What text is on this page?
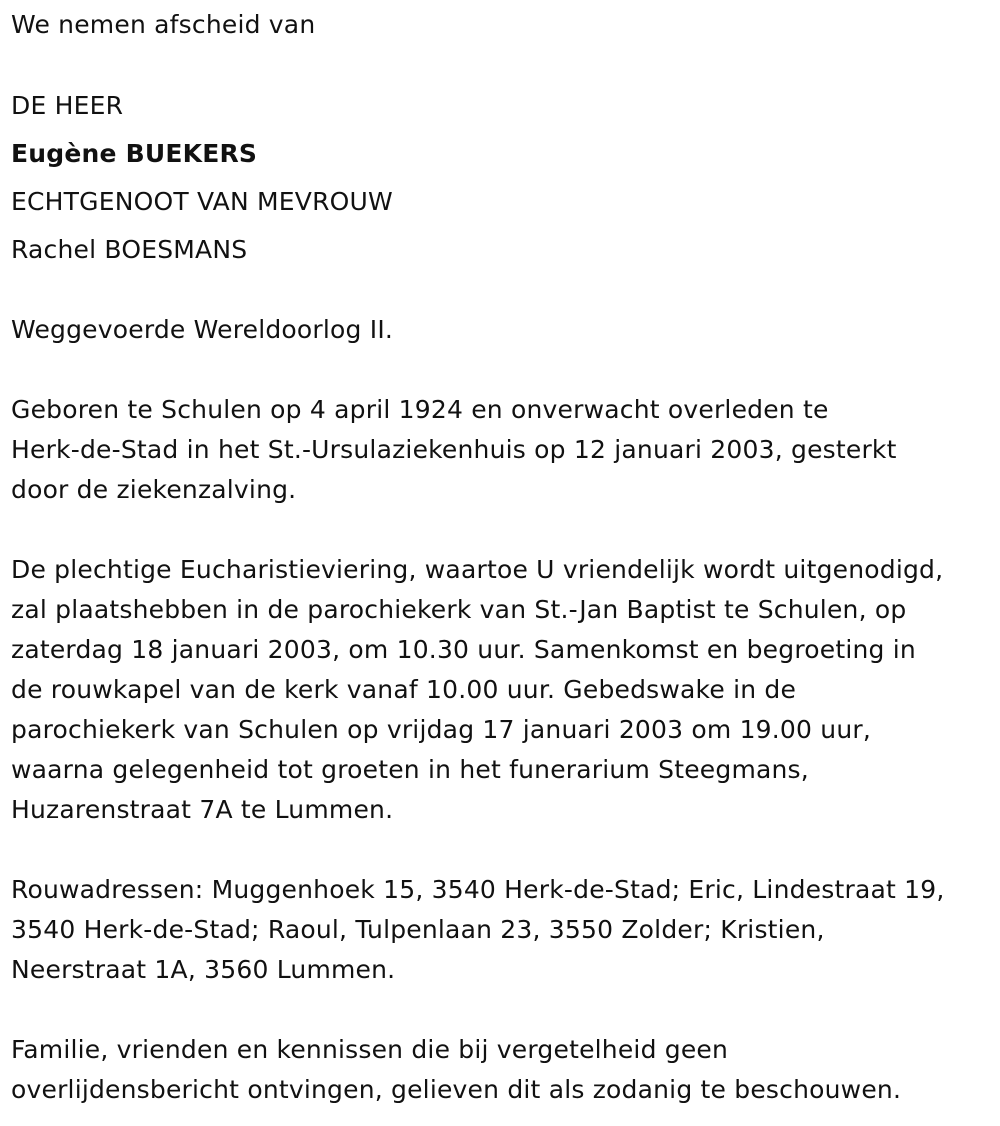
We nemen afscheid van
DE HEER
Eugène BUEKERS
ECHTGENOOT VAN MEVROUW
Rachel BOESMANS
Weggevoerde Wereldoorlog II.
Geboren te Schulen op 4 april 1924 en onverwacht overleden te
Herk-de-Stad in het St.-Ursulaziekenhuis op 12 januari 2003, gesterkt
door de ziekenzalving.
De plechtige Eucharistieviering, waartoe U vriendelijk wordt uitgenodigd,
zal plaatshebben in de parochiekerk van St.-Jan Baptist te Schulen, op
zaterdag 18 januari 2003, om 10.30 uur. Samenkomst en begroeting in
de rouwkapel van de kerk vanaf 10.00 uur. Gebedswake in de
parochiekerk van Schulen op vrijdag 17 januari 2003 om 19.00 uur,
waarna gelegenheid tot groeten in het funerarium Steegmans,
Huzarenstraat 7A te Lummen.
Rouwadressen: Muggenhoek 15, 3540 Herk-de-Stad; Eric, Lindestraat 19,
3540 Herk-de-Stad; Raoul, Tulpenlaan 23, 3550 Zolder; Kristien,
Neerstraat 1A, 3560 Lummen.
Familie, vrienden en kennissen die bij vergetelheid geen
overlijdensbericht ontvingen, gelieven dit als zodanig te beschouwen.
